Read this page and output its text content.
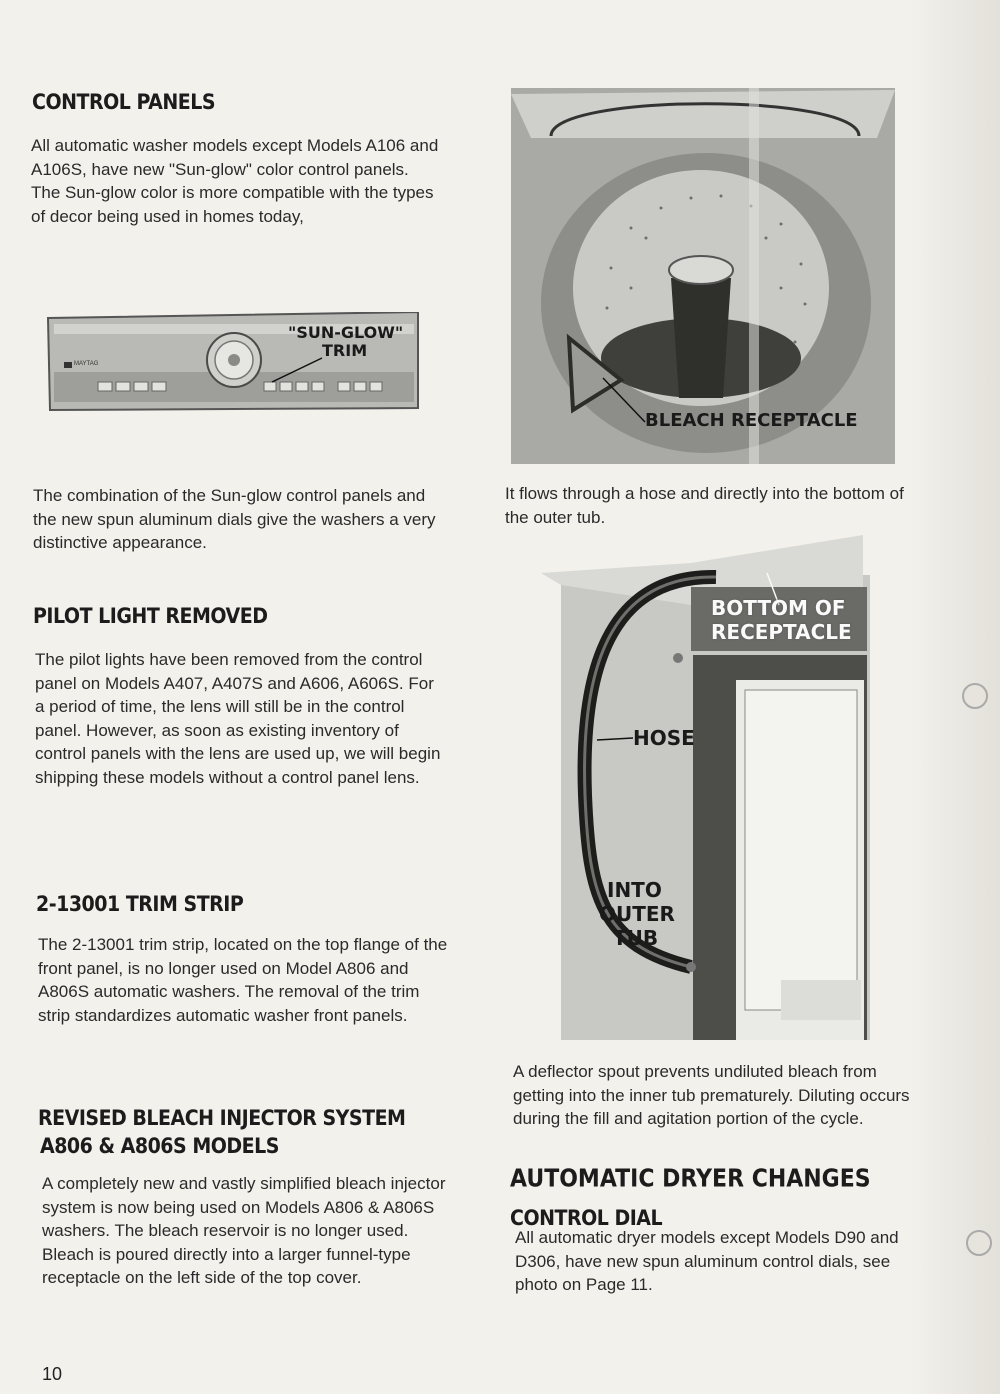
CONTROL PANELS

All automatic washer models except Models A106 and A106S, have new "Sun-glow" color control panels. The Sun-glow color is more compatible with the types of decor being used in homes today,

MAYTAG
"SUN-GLOW"
TRIM

The combination of the Sun-glow control panels and the new spun aluminum dials give the washers a very distinctive appearance.

PILOT LIGHT REMOVED

The pilot lights have been removed from the control panel on Models A407, A407S and A606, A606S. For a period of time, the lens will still be in the control panel. However, as soon as existing inventory of control panels with the lens are used up, we will begin shipping these models without a control panel lens.

2-13001 TRIM STRIP

The 2-13001 trim strip, located on the top flange of the front panel, is no longer used on Model A806 and A806S automatic washers. The removal of the trim strip standardizes automatic washer front panels.

REVISED BLEACH INJECTOR SYSTEM
A806 & A806S MODELS

A completely new and vastly simplified bleach injector system is now being used on Models A806 & A806S washers. The bleach reservoir is no longer used. Bleach is poured directly into a larger funnel-type receptacle on the left side of the top cover.

10
BLEACH RECEPTACLE

It flows through a hose and directly into the bottom of the outer tub.

BOTTOM OF
RECEPTACLE
HOSE
INTO
OUTER
TUB

A deflector spout prevents undiluted bleach from getting into the inner tub prematurely. Diluting occurs during the fill and agitation portion of the cycle.

AUTOMATIC DRYER CHANGES
CONTROL DIAL

All automatic dryer models except Models D90 and D306, have new spun aluminum control dials, see photo on Page 11.
